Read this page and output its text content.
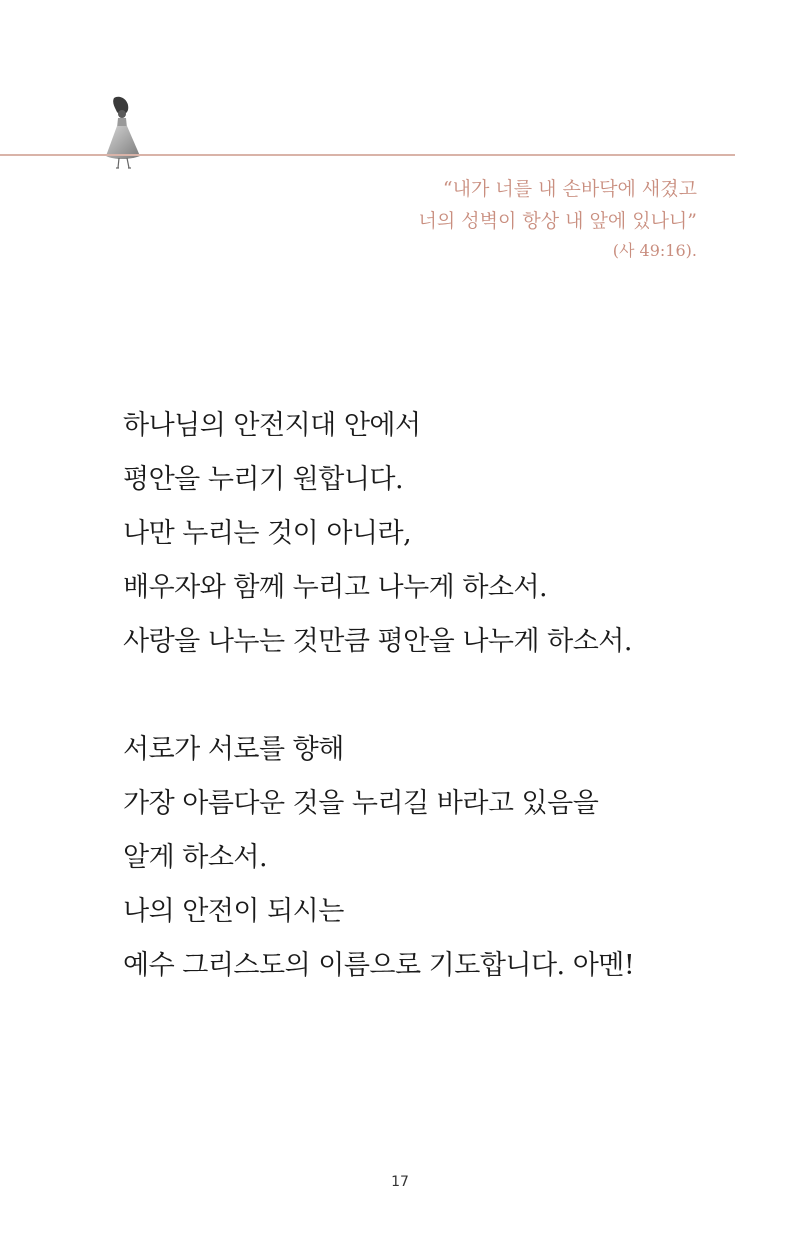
“내가 너를 내 손바닥에 새겼고
너의 성벽이 항상 내 앞에 있나니”
(사 49:16).
하나님의 안전지대 안에서
평안을 누리기 원합니다.
나만 누리는 것이 아니라,
배우자와 함께 누리고 나누게 하소서.
사랑을 나누는 것만큼 평안을 나누게 하소서.
서로가 서로를 향해
가장 아름다운 것을 누리길 바라고 있음을
알게 하소서.
나의 안전이 되시는
예수 그리스도의 이름으로 기도합니다. 아멘!
17
